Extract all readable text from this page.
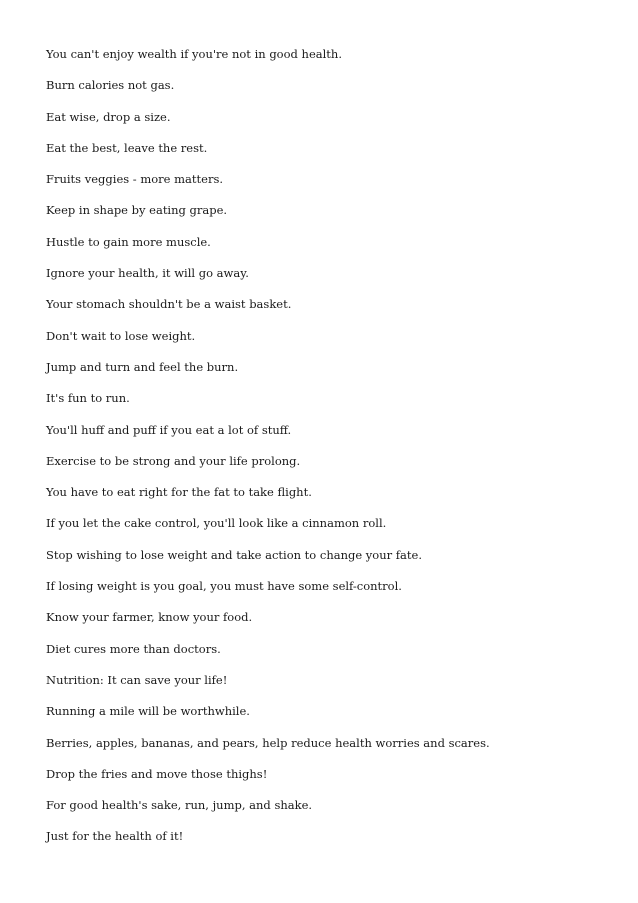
You can't enjoy wealth if you're not in good health.
Burn calories not gas.
Eat wise, drop a size.
Eat the best, leave the rest.
Fruits veggies - more matters.
Keep in shape by eating grape.
Hustle to gain more muscle.
Ignore your health, it will go away.
Your stomach shouldn't be a waist basket.
Don't wait to lose weight.
Jump and turn and feel the burn.
It's fun to run.
You'll huff and puff if you eat a lot of stuff.
Exercise to be strong and your life prolong.
You have to eat right for the fat to take flight.
If you let the cake control, you'll look like a cinnamon roll.
Stop wishing to lose weight and take action to change your fate.
If losing weight is you goal, you must have some self-control.
Know your farmer, know your food.
Diet cures more than doctors.
Nutrition: It can save your life!
Running a mile will be worthwhile.
Berries, apples, bananas, and pears, help reduce health worries and scares.
Drop the fries and move those thighs!
For good health's sake, run, jump, and shake.
Just for the health of it!
